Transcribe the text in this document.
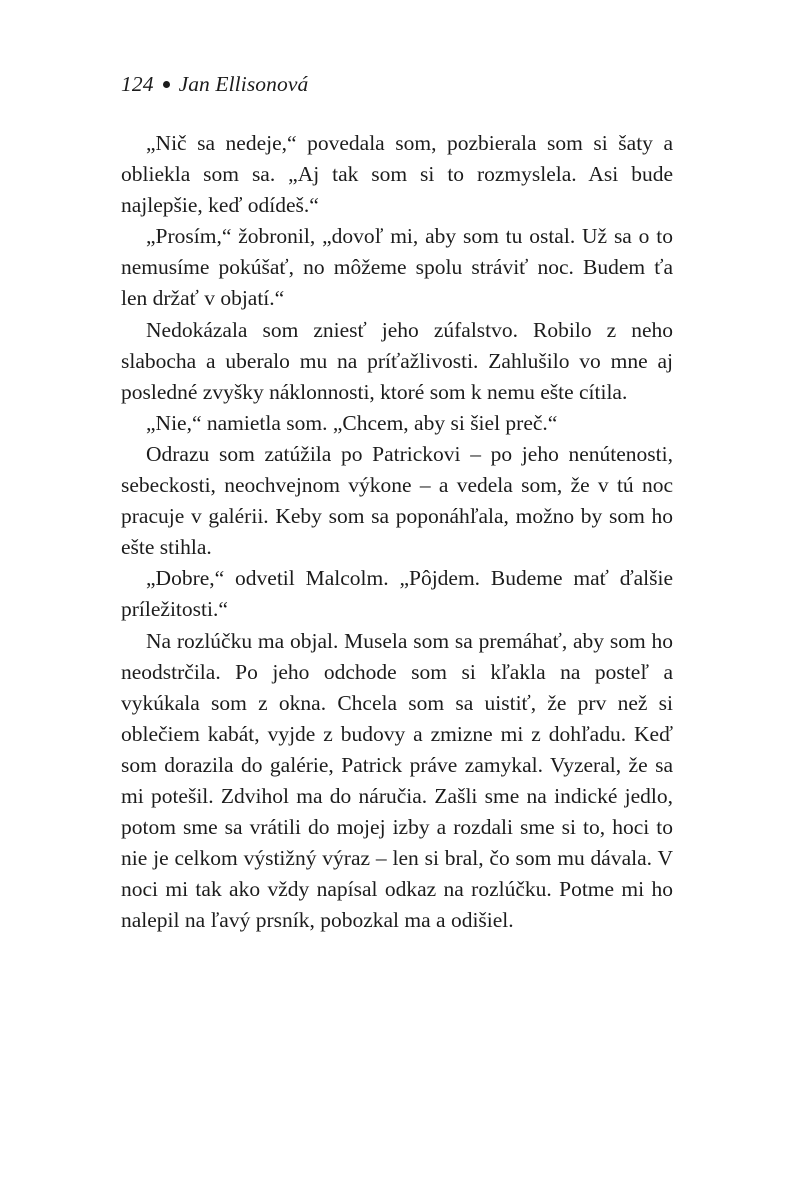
124 Jan Ellisonová

„Nič sa nedeje,“ povedala som, pozbierala som si šaty a obliekla som sa. „Aj tak som si to rozmyslela. Asi bude najlepšie, keď odídeš.“

„Prosím,“ žobronil, „dovoľ mi, aby som tu ostal. Už sa o to nemusíme pokúšať, no môžeme spolu stráviť noc. Budem ťa len držať v objatí.“

Nedokázala som zniesť jeho zúfalstvo. Robilo z neho slabocha a uberalo mu na príťažlivosti. Zahlušilo vo mne aj posledné zvyšky náklonnosti, ktoré som k nemu ešte cítila.

„Nie,“ namietla som. „Chcem, aby si šiel preč.“

Odrazu som zatúžila po Patrickovi – po jeho nenútenosti, sebeckosti, neochvejnom výkone – a vedela som, že v tú noc pracuje v galérii. Keby som sa poponáhľala, možno by som ho ešte stihla.

„Dobre,“ odvetil Malcolm. „Pôjdem. Budeme mať ďalšie príležitosti.“

Na rozlúčku ma objal. Musela som sa premáhať, aby som ho neodstrčila. Po jeho odchode som si kľakla na posteľ a vykúkala som z okna. Chcela som sa uistiť, že prv než si oblečiem kabát, vyjde z budovy a zmizne mi z dohľadu. Keď som dorazila do galérie, Patrick práve zamykal. Vyzeral, že sa mi potešil. Zdvihol ma do náručia. Zašli sme na indické jedlo, potom sme sa vrátili do mojej izby a rozdali sme si to, hoci to nie je celkom výstižný výraz – len si bral, čo som mu dávala. V noci mi tak ako vždy napísal odkaz na rozlúčku. Potme mi ho nalepil na ľavý prsník, pobozkal ma a odišiel.
